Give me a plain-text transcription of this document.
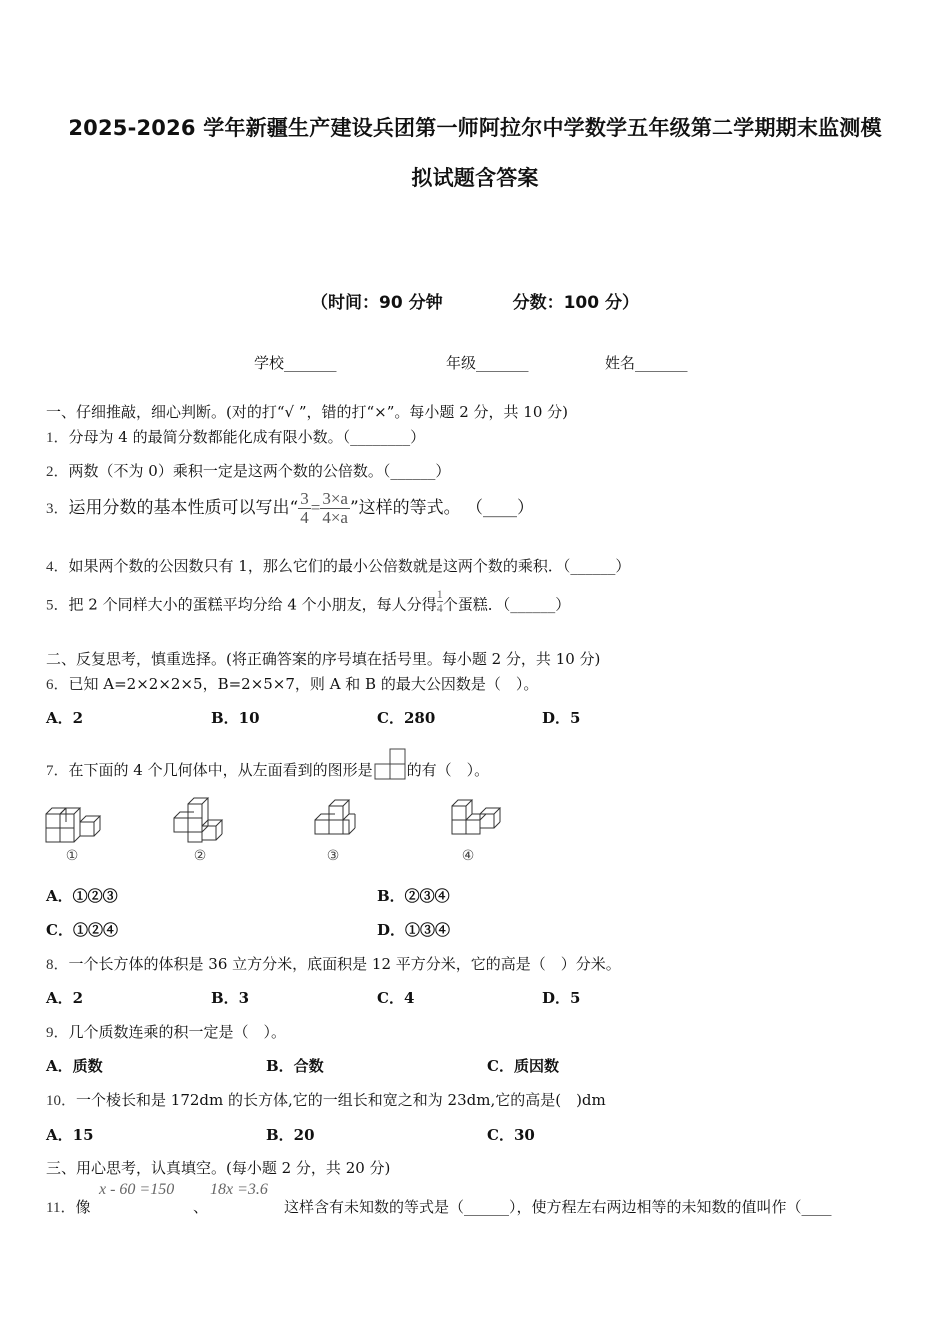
2025-2026 学年新疆生产建设兵团第一师阿拉尔中学数学五年级第二学期期末监测模
拟试题含答案
（时间：90 分钟	分数：100 分）
学校_______	年级_______	姓名_______
一、仔细推敲，细心判断。(对的打“√ ”，错的打“×”。每小题 2 分，共 10 分)
1．分母为 4 的最简分数都能化成有限小数。（________）
2．两数（不为 0）乘积一定是这两个数的公倍数。（______）
3．运用分数的基本性质可以写出“ $\frac{3}{4} = \frac{3\times a}{4\times a}$ ”这样的等式。 （____）
4．如果两个数的公因数只有 1，那么它们的最小公倍数就是这两个数的乘积．（______）
5．把 2 个同样大小的蛋糕平均分给 4 个小朋友，每人分得 $\frac{1}{4}$ 个蛋糕．（______）
二、反复思考，慎重选择。(将正确答案的序号填在括号里。每小题 2 分，共 10 分)
6．已知 A=2×2×2×5，B=2×5×7，则 A 和 B 的最大公因数是（　）。
A．2	B．10	C．280	D．5
7．在下面的 4 个几何体中，从左面看到的图形是 的有（　）。
①	②	③	④
A．①②③	B．②③④
C．①②④	D．①③④
8．一个长方体的体积是 36 立方分米，底面积是 12 平方分米，它的高是（　）分米。
A．2	B．3	C．4	D．5
9．几个质数连乘的积一定是（　）。
A．质数	B．合数	C．质因数
10．一个棱长和是 172dm 的长方体,它的一组长和宽之和为 23dm,它的高是(　)dm
A．15	B．20	C．30
三、用心思考，认真填空。(每小题 2 分，共 20 分)
11．像
x - 60 =150
、
18x =3.6
这样含有未知数的等式是（______），使方程左右两边相等的未知数的值叫作（____
